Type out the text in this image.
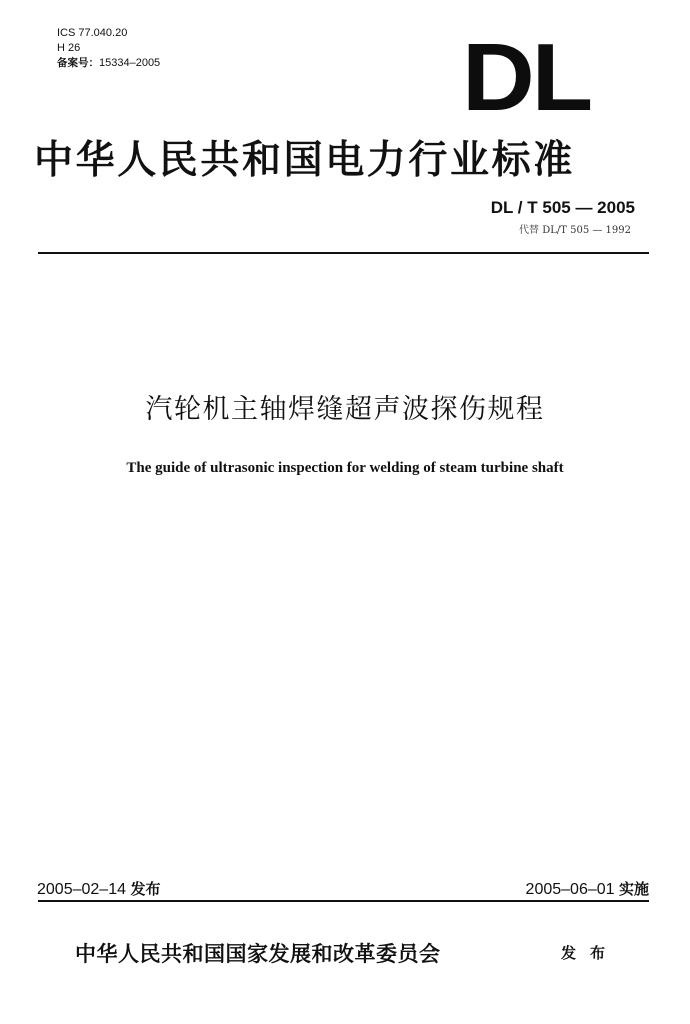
ICS 77.040.20
H 26
备案号：15334–2005	DL
中华人民共和国电力行业标准
DL / T 505 — 2005
代替 DL/T 505 — 1992
汽轮机主轴焊缝超声波探伤规程
The guide of ultrasonic inspection for welding of steam turbine shaft
2005–02–14 发布	2005–06–01 实施
中华人民共和国国家发展和改革委员会	发布
